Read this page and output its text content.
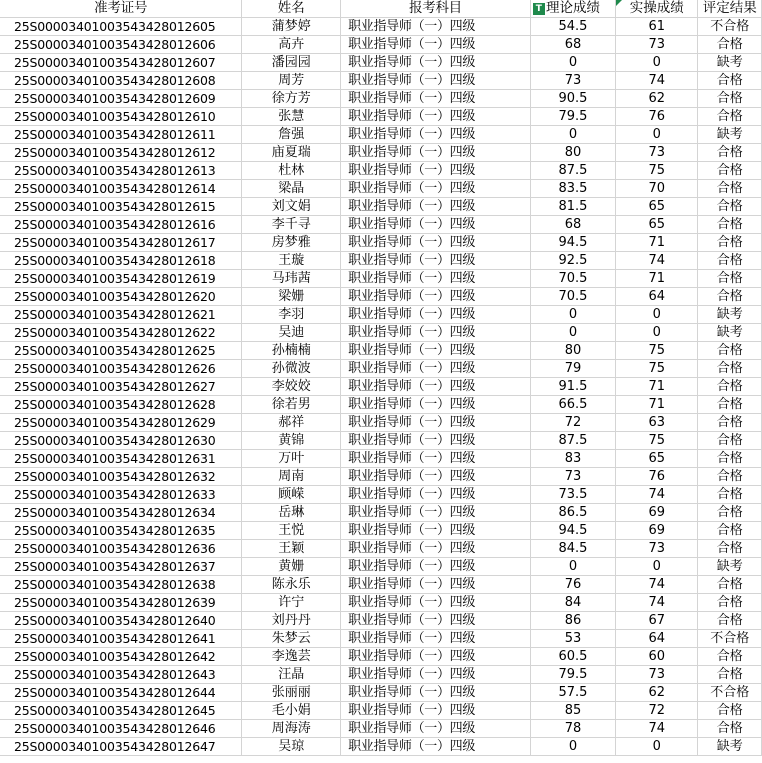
准考证号	姓名	报考科目	T 理论成绩	实操成绩	评定结果
25S00003401003543428012605	蒲梦婷	职业指导师（一）四级	54.5	61	不合格
25S00003401003543428012606	高卉	职业指导师（一）四级	68	73	合格
25S00003401003543428012607	潘园园	职业指导师（一）四级	0	0	缺考
25S00003401003543428012608	周芳	职业指导师（一）四级	73	74	合格
25S00003401003543428012609	徐方芳	职业指导师（一）四级	90.5	62	合格
25S00003401003543428012610	张慧	职业指导师（一）四级	79.5	76	合格
25S00003401003543428012611	詹强	职业指导师（一）四级	0	0	缺考
25S00003401003543428012612	庙夏瑞	职业指导师（一）四级	80	73	合格
25S00003401003543428012613	杜林	职业指导师（一）四级	87.5	75	合格
25S00003401003543428012614	梁晶	职业指导师（一）四级	83.5	70	合格
25S00003401003543428012615	刘文娟	职业指导师（一）四级	81.5	65	合格
25S00003401003543428012616	李千寻	职业指导师（一）四级	68	65	合格
25S00003401003543428012617	房梦雅	职业指导师（一）四级	94.5	71	合格
25S00003401003543428012618	王璇	职业指导师（一）四级	92.5	74	合格
25S00003401003543428012619	马玮茜	职业指导师（一）四级	70.5	71	合格
25S00003401003543428012620	梁姗	职业指导师（一）四级	70.5	64	合格
25S00003401003543428012621	李羽	职业指导师（一）四级	0	0	缺考
25S00003401003543428012622	吴迪	职业指导师（一）四级	0	0	缺考
25S00003401003543428012625	孙楠楠	职业指导师（一）四级	80	75	合格
25S00003401003543428012626	孙微波	职业指导师（一）四级	79	75	合格
25S00003401003543428012627	李姣姣	职业指导师（一）四级	91.5	71	合格
25S00003401003543428012628	徐若男	职业指导师（一）四级	66.5	71	合格
25S00003401003543428012629	郝祥	职业指导师（一）四级	72	63	合格
25S00003401003543428012630	黄锦	职业指导师（一）四级	87.5	75	合格
25S00003401003543428012631	万叶	职业指导师（一）四级	83	65	合格
25S00003401003543428012632	周南	职业指导师（一）四级	73	76	合格
25S00003401003543428012633	顾嵘	职业指导师（一）四级	73.5	74	合格
25S00003401003543428012634	岳琳	职业指导师（一）四级	86.5	69	合格
25S00003401003543428012635	王悦	职业指导师（一）四级	94.5	69	合格
25S00003401003543428012636	王颖	职业指导师（一）四级	84.5	73	合格
25S00003401003543428012637	黄姗	职业指导师（一）四级	0	0	缺考
25S00003401003543428012638	陈永乐	职业指导师（一）四级	76	74	合格
25S00003401003543428012639	许宁	职业指导师（一）四级	84	74	合格
25S00003401003543428012640	刘丹丹	职业指导师（一）四级	86	67	合格
25S00003401003543428012641	朱梦云	职业指导师（一）四级	53	64	不合格
25S00003401003543428012642	李逸芸	职业指导师（一）四级	60.5	60	合格
25S00003401003543428012643	汪晶	职业指导师（一）四级	79.5	73	合格
25S00003401003543428012644	张丽丽	职业指导师（一）四级	57.5	62	不合格
25S00003401003543428012645	毛小娟	职业指导师（一）四级	85	72	合格
25S00003401003543428012646	周海涛	职业指导师（一）四级	78	74	合格
25S00003401003543428012647	吴琼	职业指导师（一）四级	0	0	缺考
